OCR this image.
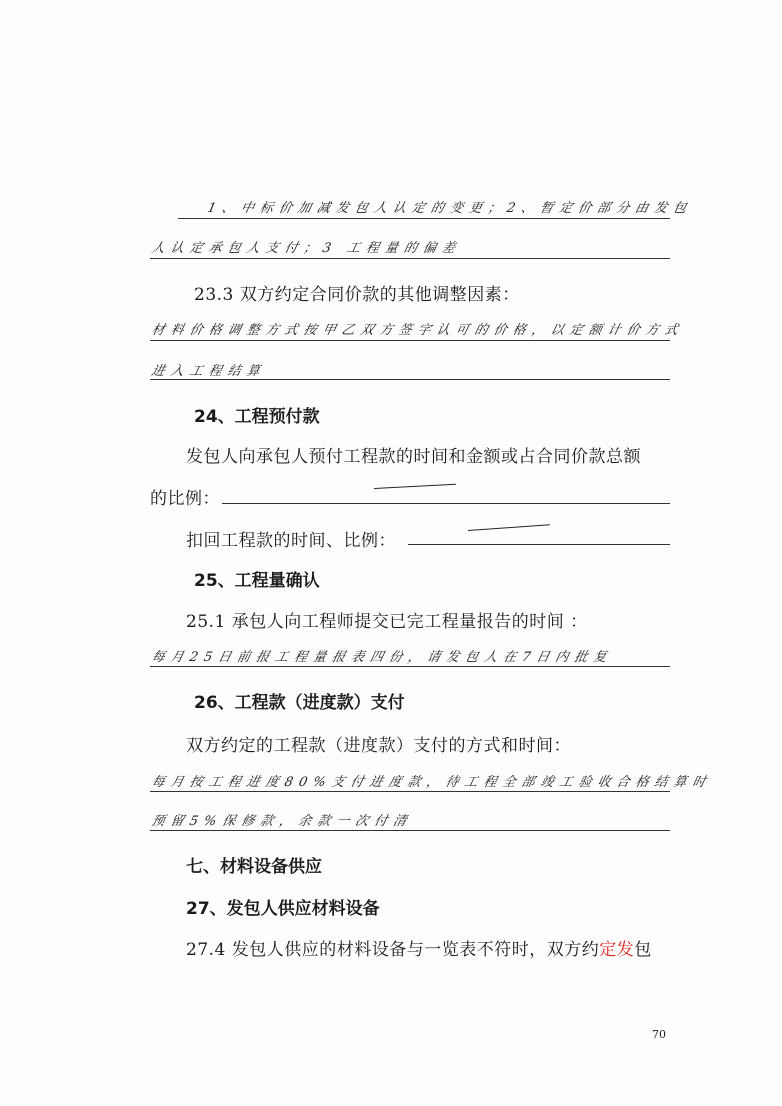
1、中标价加减发包人认定的变更；2、暂定价部分由发包
人认定承包人支付；3 工程量的偏差
23.3 双方约定合同价款的其他调整因素：
材料价格调整方式按甲乙双方签字认可的价格，以定额计价方式
进入工程结算
24、工程预付款
发包人向承包人预付工程款的时间和金额或占合同价款总额
的比例：
扣回工程款的时间、比例：
25、工程量确认
25.1 承包人向工程师提交已完工程量报告的时间 ：
每月25日前报工程量报表四份，请发包人在7日内批复
26、工程款（进度款）支付
双方约定的工程款（进度款）支付的方式和时间：
每月按工程进度80%支付进度款，待工程全部竣工验收合格结算时
预留5%保修款，余款一次付清
七、材料设备供应
27、发包人供应材料设备
27.4 发包人供应的材料设备与一览表不符时，双方约定发包
70
